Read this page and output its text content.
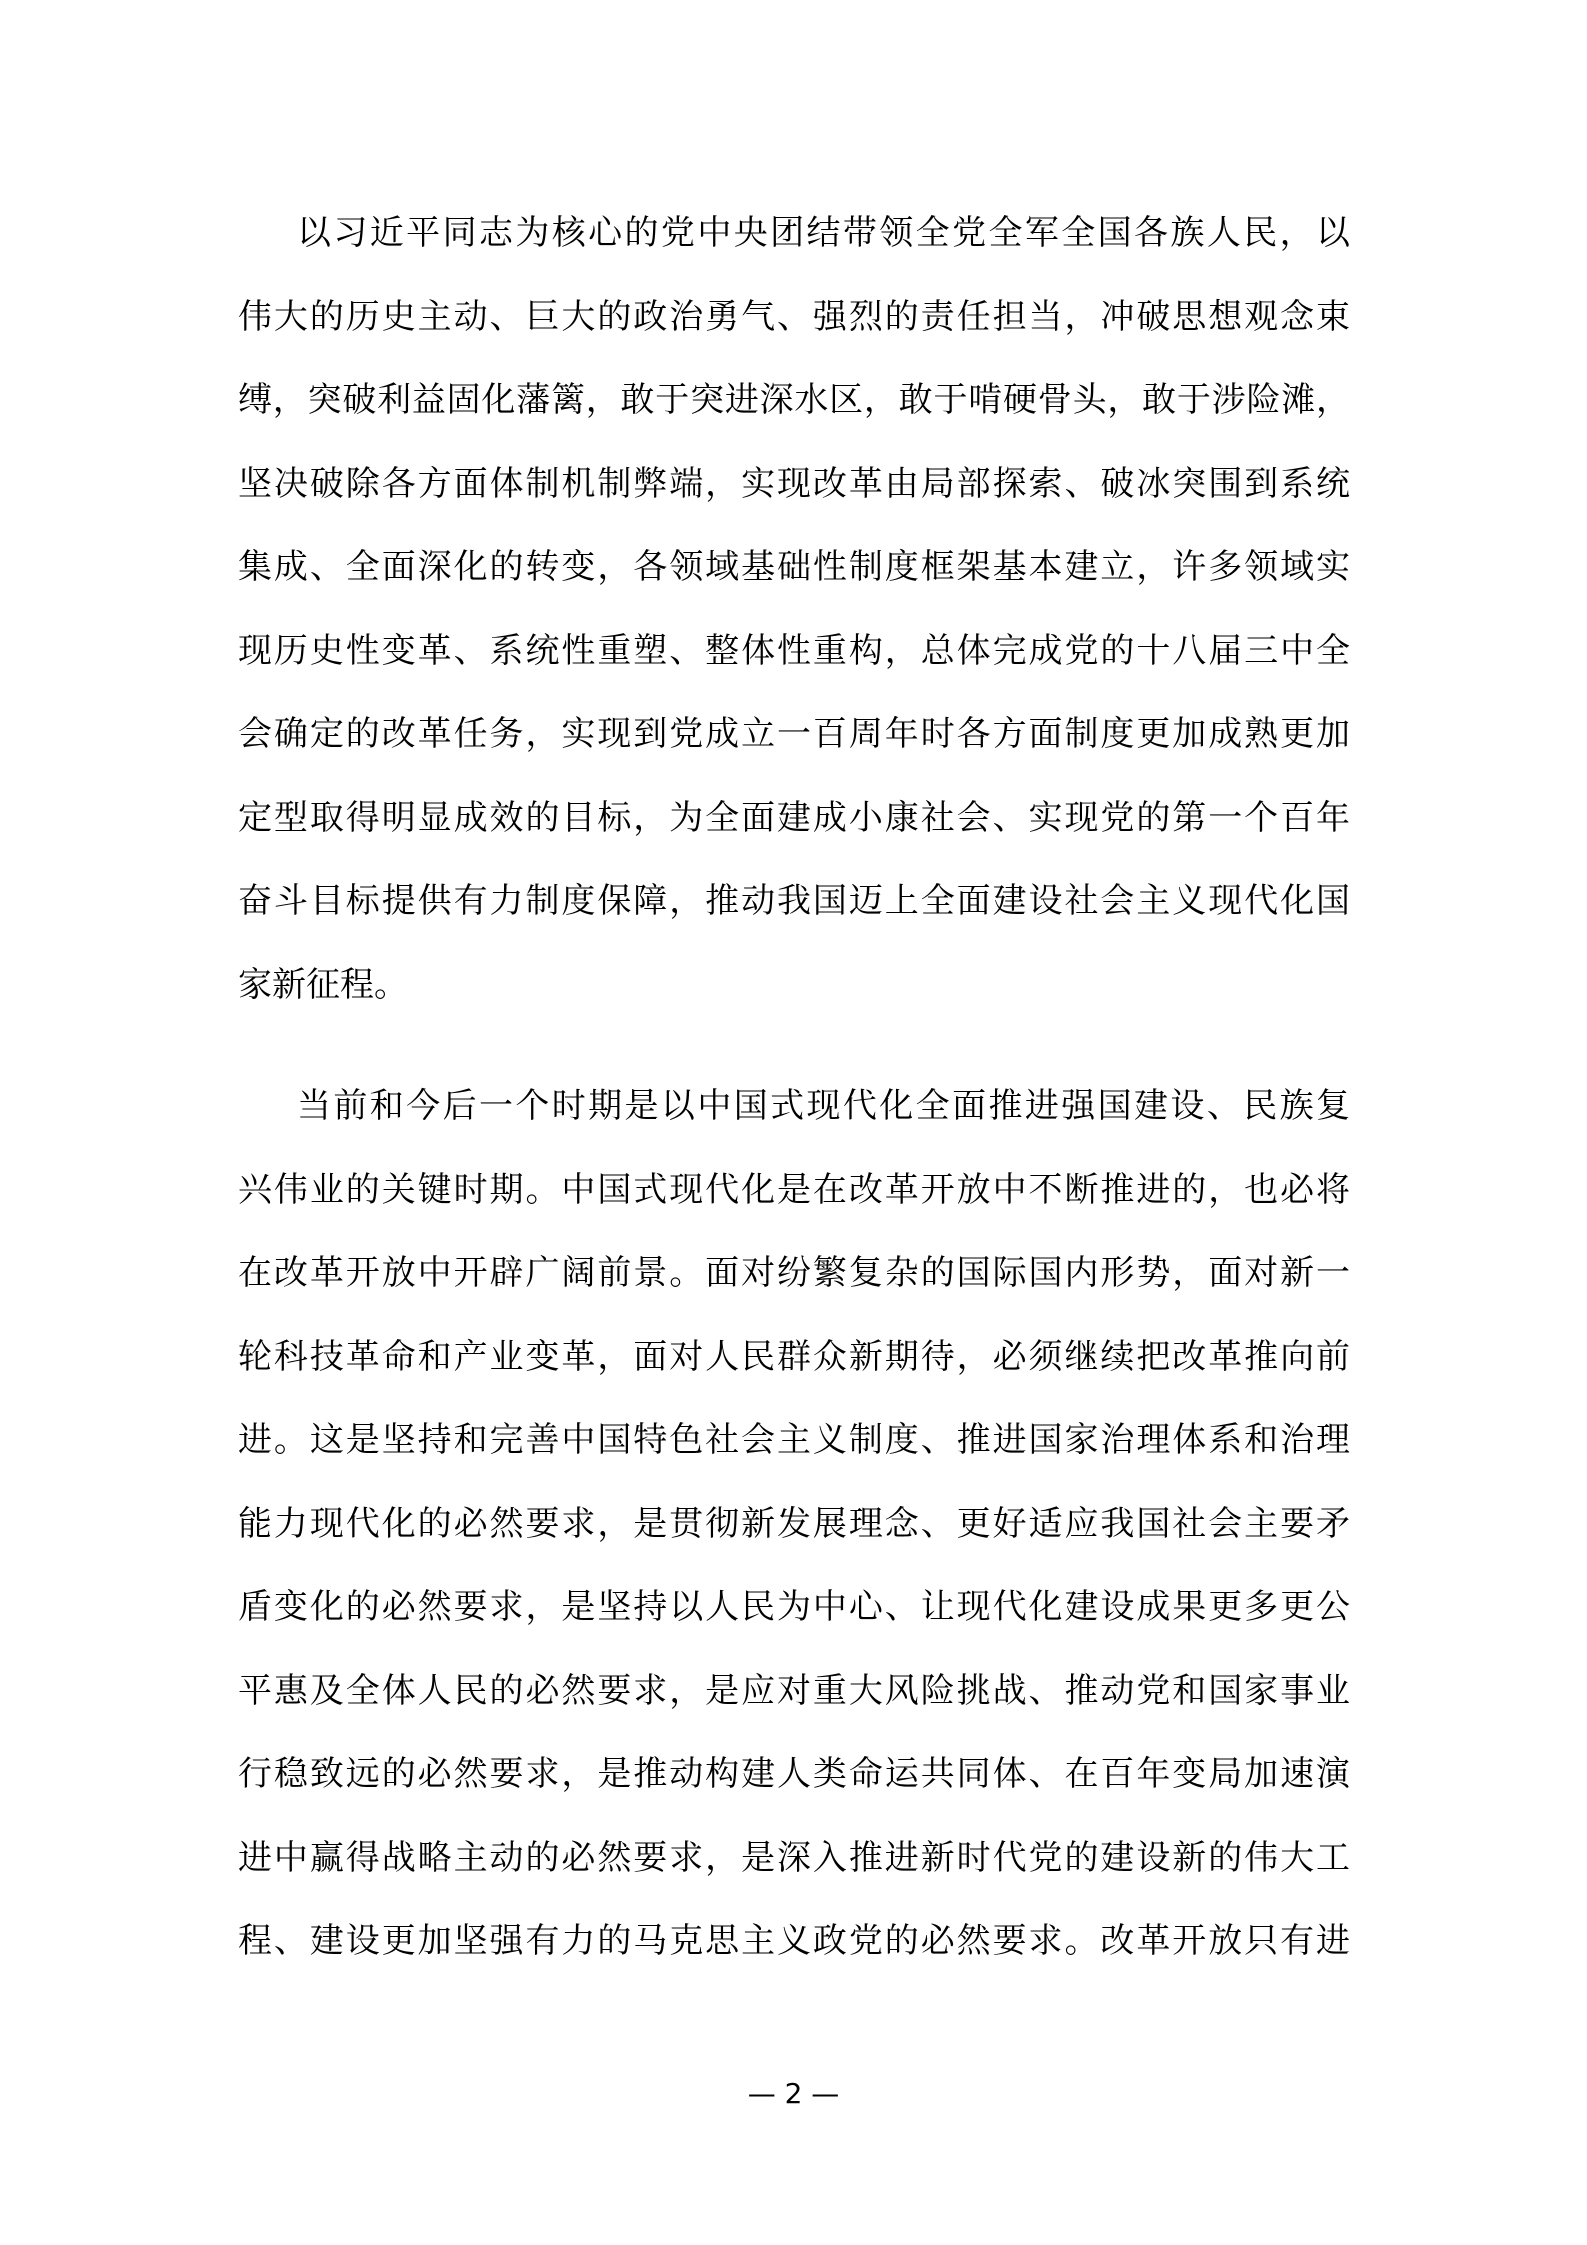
以习近平同志为核心的党中央团结带领全党全军全国各族人民，以
伟大的历史主动、巨大的政治勇气、强烈的责任担当，冲破思想观念束
缚，突破利益固化藩篱，敢于突进深水区，敢于啃硬骨头，敢于涉险滩，
坚决破除各方面体制机制弊端，实现改革由局部探索、破冰突围到系统
集成、全面深化的转变，各领域基础性制度框架基本建立，许多领域实
现历史性变革、系统性重塑、整体性重构，总体完成党的十八届三中全
会确定的改革任务，实现到党成立一百周年时各方面制度更加成熟更加
定型取得明显成效的目标，为全面建成小康社会、实现党的第一个百年
奋斗目标提供有力制度保障，推动我国迈上全面建设社会主义现代化国
家新征程。
当前和今后一个时期是以中国式现代化全面推进强国建设、民族复
兴伟业的关键时期。中国式现代化是在改革开放中不断推进的，也必将
在改革开放中开辟广阔前景。面对纷繁复杂的国际国内形势，面对新一
轮科技革命和产业变革，面对人民群众新期待，必须继续把改革推向前
进。这是坚持和完善中国特色社会主义制度、推进国家治理体系和治理
能力现代化的必然要求，是贯彻新发展理念、更好适应我国社会主要矛
盾变化的必然要求，是坚持以人民为中心、让现代化建设成果更多更公
平惠及全体人民的必然要求，是应对重大风险挑战、推动党和国家事业
行稳致远的必然要求，是推动构建人类命运共同体、在百年变局加速演
进中赢得战略主动的必然要求，是深入推进新时代党的建设新的伟大工
程、建设更加坚强有力的马克思主义政党的必然要求。改革开放只有进
— 2 —
